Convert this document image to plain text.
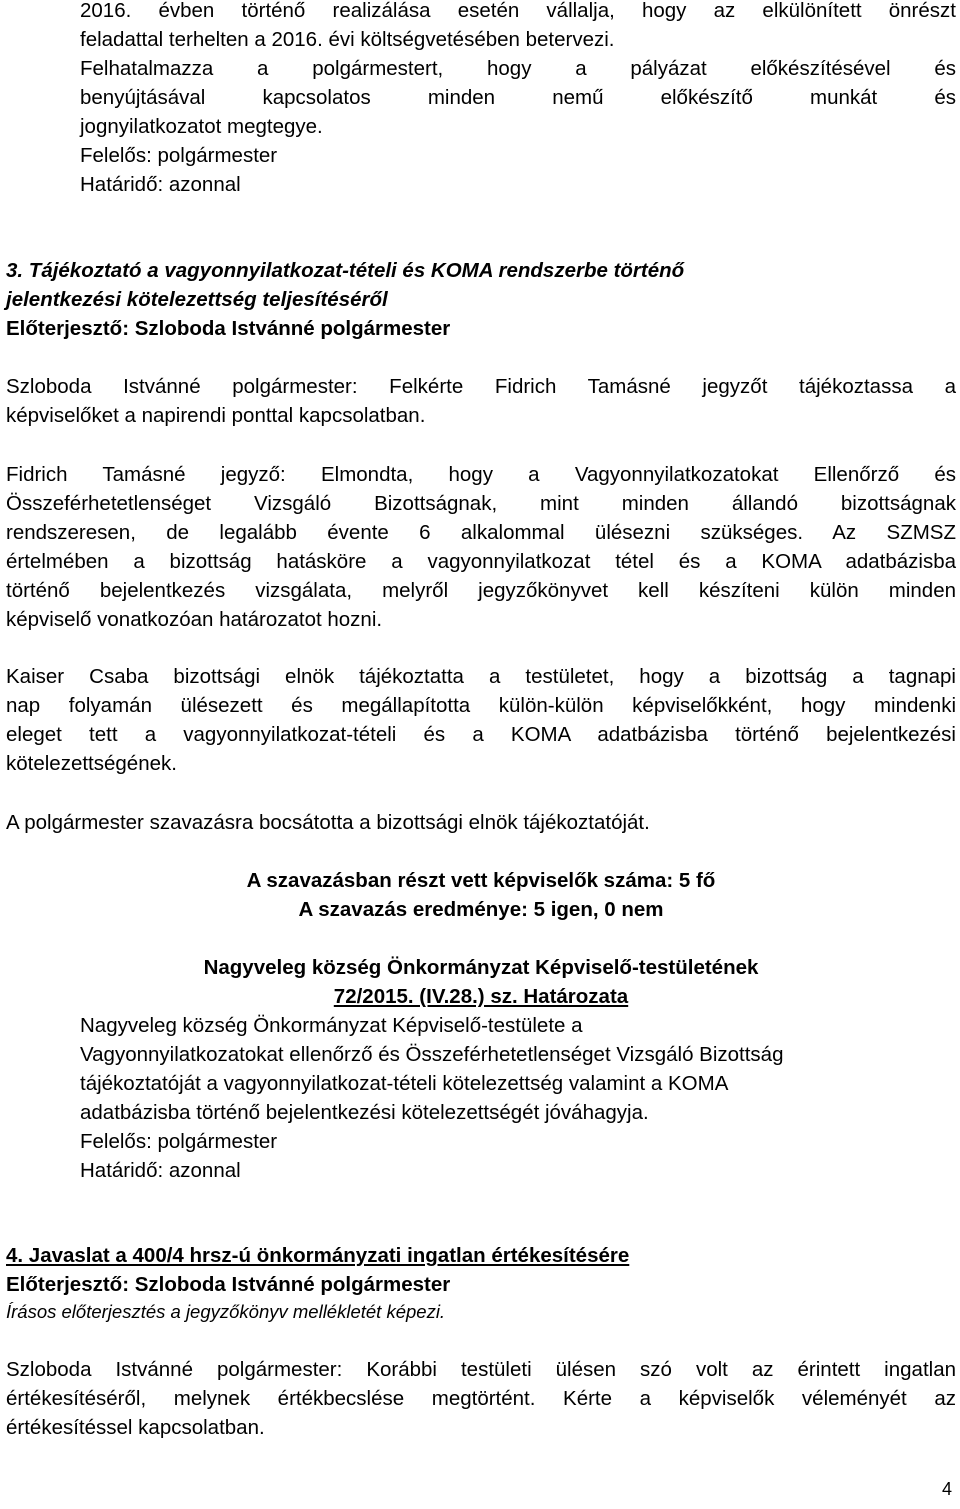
2016. évben történő realizálása esetén vállalja, hogy az elkülönített önrészt
feladattal terhelten a 2016. évi költségvetésében betervezi.
Felhatalmazza a polgármestert, hogy a pályázat előkészítésével és
benyújtásával kapcsolatos minden nemű előkészítő munkát és
jognyilatkozatot megtegye.
Felelős: polgármester
Határidő: azonnal
3. Tájékoztató a vagyonnyilatkozat-tételi és KOMA rendszerbe történő
jelentkezési kötelezettség teljesítéséről
Előterjesztő: Szloboda Istvánné polgármester
Szloboda Istvánné polgármester: Felkérte Fidrich Tamásné jegyzőt tájékoztassa a
képviselőket a napirendi ponttal kapcsolatban.
Fidrich Tamásné jegyző: Elmondta, hogy a Vagyonnyilatkozatokat Ellenőrző és
Összeférhetetlenséget Vizsgáló Bizottságnak, mint minden állandó bizottságnak
rendszeresen, de legalább évente 6 alkalommal ülésezni szükséges. Az SZMSZ
értelmében a bizottság hatásköre a vagyonnyilatkozat tétel és a KOMA adatbázisba
történő bejelentkezés vizsgálata, melyről jegyzőkönyvet kell készíteni külön minden
képviselő vonatkozóan határozatot hozni.
Kaiser Csaba bizottsági elnök tájékoztatta a testületet, hogy a bizottság a tagnapi
nap folyamán ülésezett és megállapította külön-külön képviselőkként, hogy mindenki
eleget tett a vagyonnyilatkozat-tételi és a KOMA adatbázisba történő bejelentkezési
kötelezettségének.
A polgármester szavazásra bocsátotta a bizottsági elnök tájékoztatóját.
A szavazásban részt vett képviselők száma: 5 fő
A szavazás eredménye: 5 igen, 0 nem
Nagyveleg község Önkormányzat Képviselő-testületének
72/2015. (IV.28.) sz. Határozata
Nagyveleg község Önkormányzat Képviselő-testülete a
Vagyonnyilatkozatokat ellenőrző és Összeférhetetlenséget Vizsgáló Bizottság
tájékoztatóját a vagyonnyilatkozat-tételi kötelezettség valamint a KOMA
adatbázisba történő bejelentkezési kötelezettségét jóváhagyja.
Felelős: polgármester
Határidő: azonnal
4. Javaslat a 400/4 hrsz-ú önkormányzati ingatlan értékesítésére
Előterjesztő: Szloboda Istvánné polgármester
Írásos előterjesztés a jegyzőkönyv mellékletét képezi.
Szloboda Istvánné polgármester: Korábbi testületi ülésen szó volt az érintett ingatlan
értékesítéséről, melynek értékbecslése megtörtént. Kérte a képviselők véleményét az
értékesítéssel kapcsolatban.
4
